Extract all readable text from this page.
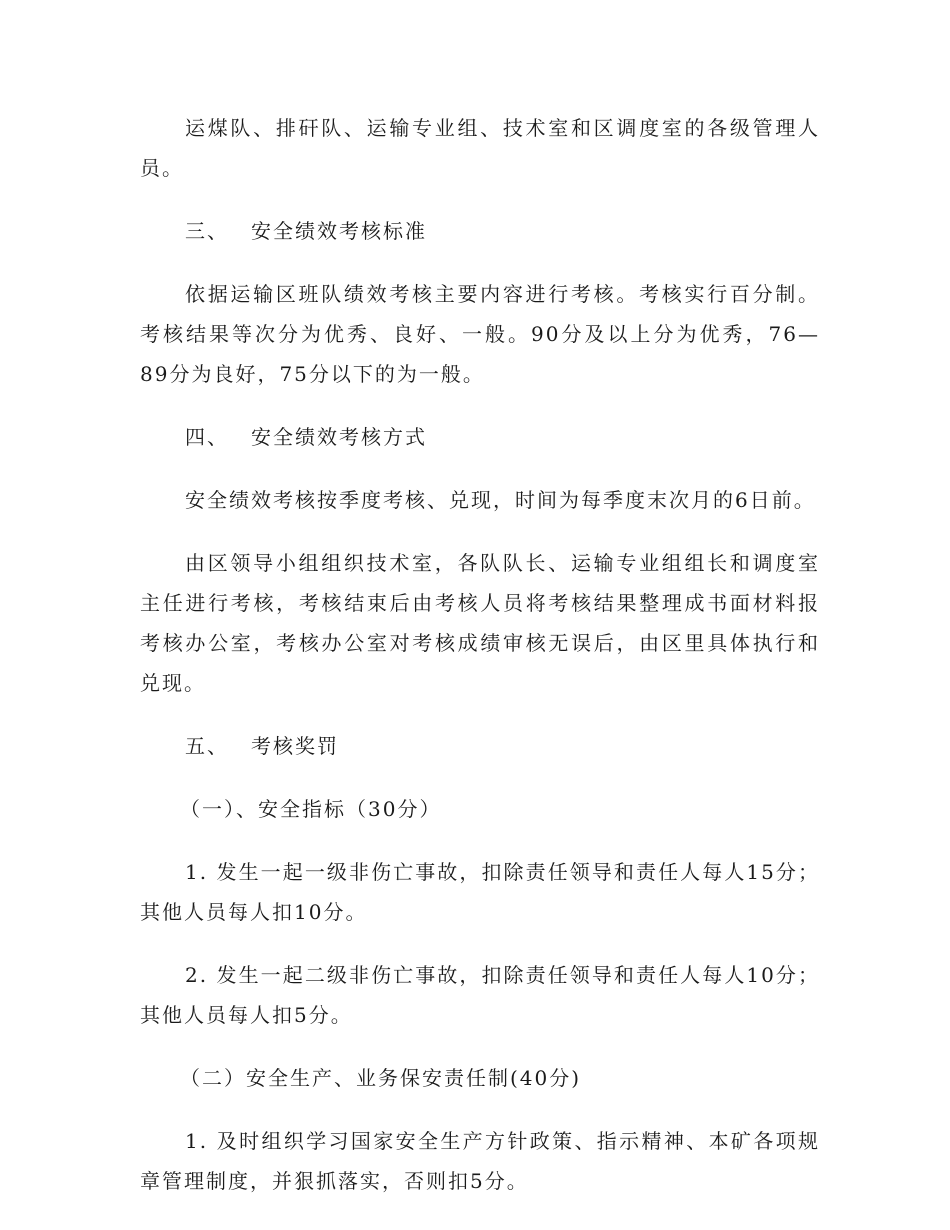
运煤队、排矸队、运输专业组、技术室和区调度室的各级管理人员。

三、 安全绩效考核标准

依据运输区班队绩效考核主要内容进行考核。考核实行百分制。考核结果等次分为优秀、良好、一般。90分及以上分为优秀，76—89分为良好，75分以下的为一般。

四、 安全绩效考核方式

安全绩效考核按季度考核、兑现，时间为每季度末次月的6日前。

由区领导小组组织技术室，各队队长、运输专业组组长和调度室主任进行考核，考核结束后由考核人员将考核结果整理成书面材料报考核办公室，考核办公室对考核成绩审核无误后，由区里具体执行和兑现。

五、 考核奖罚

（一）、安全指标（30分）

1. 发生一起一级非伤亡事故，扣除责任领导和责任人每人15分；其他人员每人扣10分。

2. 发生一起二级非伤亡事故，扣除责任领导和责任人每人10分；其他人员每人扣5分。

（二）安全生产、业务保安责任制(40分)

1. 及时组织学习国家安全生产方针政策、指示精神、本矿各项规章管理制度，并狠抓落实，否则扣5分。
